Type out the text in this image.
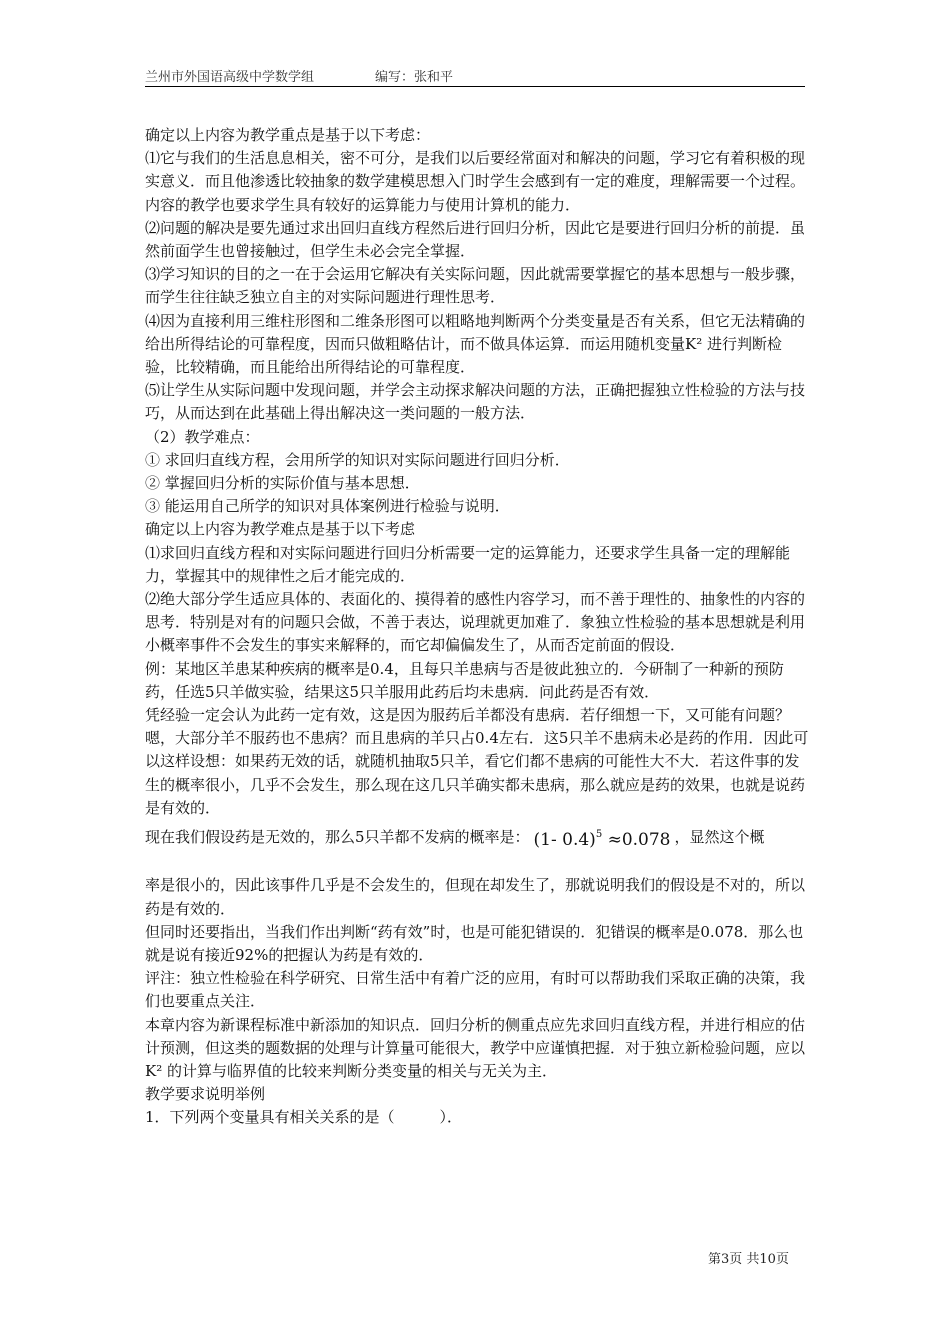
兰州市外国语高级中学数学组	编写：张和平

确定以上内容为教学重点是基于以下考虑：

⑴它与我们的生活息息相关，密不可分，是我们以后要经常面对和解决的问题，学习它有着积极的现实意义．而且他渗透比较抽象的数学建模思想入门时学生会感到有一定的难度，理解需要一个过程。内容的教学也要求学生具有较好的运算能力与使用计算机的能力．

⑵问题的解决是要先通过求出回归直线方程然后进行回归分析，因此它是要进行回归分析的前提．虽然前面学生也曾接触过，但学生未必会完全掌握．

⑶学习知识的目的之一在于会运用它解决有关实际问题，因此就需要掌握它的基本思想与一般步骤，而学生往往缺乏独立自主的对实际问题进行理性思考．

⑷因为直接利用三维柱形图和二维条形图可以粗略地判断两个分类变量是否有关系，但它无法精确的给出所得结论的可靠程度，因而只做粗略估计，而不做具体运算．而运用随机变量K² 进行判断检验，比较精确，而且能给出所得结论的可靠程度．

⑸让学生从实际问题中发现问题，并学会主动探求解决问题的方法，正确把握独立性检验的方法与技巧，从而达到在此基础上得出解决这一类问题的一般方法．

（2）教学难点：

① 求回归直线方程，会用所学的知识对实际问题进行回归分析．

② 掌握回归分析的实际价值与基本思想．

③ 能运用自己所学的知识对具体案例进行检验与说明．

确定以上内容为教学难点是基于以下考虑

⑴求回归直线方程和对实际问题进行回归分析需要一定的运算能力，还要求学生具备一定的理解能力，掌握其中的规律性之后才能完成的．

⑵绝大部分学生适应具体的、表面化的、摸得着的感性内容学习，而不善于理性的、抽象性的内容的思考．特别是对有的问题只会做，不善于表达，说理就更加难了．象独立性检验的基本思想就是利用小概率事件不会发生的事实来解释的，而它却偏偏发生了，从而否定前面的假设．

例：某地区羊患某种疾病的概率是0.4，且每只羊患病与否是彼此独立的．今研制了一种新的预防药，任选5只羊做实验，结果这5只羊服用此药后均未患病．问此药是否有效．

凭经验一定会认为此药一定有效，这是因为服药后羊都没有患病．若仔细想一下，又可能有问题？嗯，大部分羊不服药也不患病？而且患病的羊只占0.4左右．这5只羊不患病未必是药的作用．因此可以这样设想：如果药无效的话，就随机抽取5只羊，看它们都不患病的可能性大不大．若这件事的发生的概率很小，几乎不会发生，那么现在这几只羊确实都未患病，那么就应是药的效果，也就是说药是有效的．

现在我们假设药是无效的，那么5只羊都不发病的概率是： (1- 0.4)$^5$ ≈0.078 ，显然这个概

率是很小的，因此该事件几乎是不会发生的，但现在却发生了，那就说明我们的假设是不对的，所以药是有效的．

但同时还要指出，当我们作出判断“药有效”时，也是可能犯错误的．犯错误的概率是0.078．那么也就是说有接近92%的把握认为药是有效的．

评注：独立性检验在科学研究、日常生活中有着广泛的应用，有时可以帮助我们采取正确的决策，我们也要重点关注．

本章内容为新课程标准中新添加的知识点．回归分析的侧重点应先求回归直线方程，并进行相应的估计预测，但这类的题数据的处理与计算量可能很大，教学中应谨慎把握．对于独立新检验问题，应以K² 的计算与临界值的比较来判断分类变量的相关与无关为主．

教学要求说明举例

1．下列两个变量具有相关关系的是（　　　）．

第3页 共10页
